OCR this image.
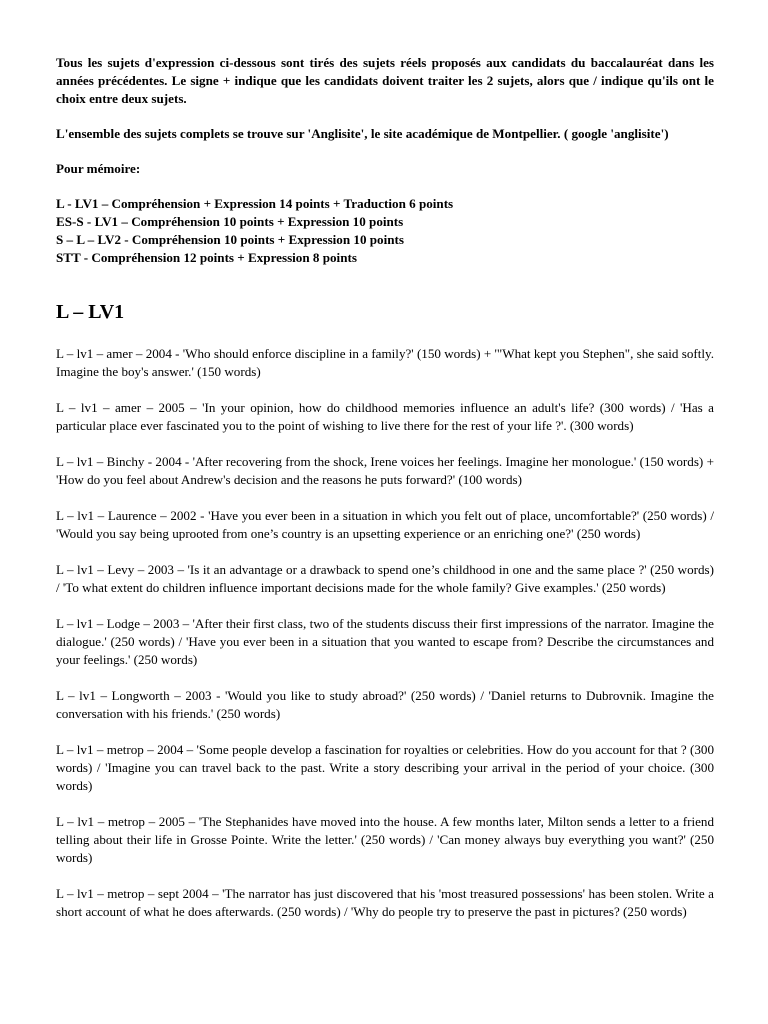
Tous les sujets d'expression ci-dessous sont tirés des sujets réels proposés aux candidats du baccalauréat dans les années précédentes. Le signe + indique que les candidats doivent traiter les 2 sujets, alors que / indique qu'ils ont le choix entre deux sujets.

L'ensemble des sujets complets se trouve sur 'Anglisite', le site académique de Montpellier. ( google 'anglisite')

Pour mémoire:

L - LV1 – Compréhension + Expression 14 points + Traduction 6 points

ES-S - LV1 – Compréhension 10 points + Expression 10 points

S – L – LV2 - Compréhension 10 points + Expression 10 points

STT - Compréhension 12 points + Expression 8 points

L – LV1

L – lv1 – amer – 2004 - 'Who should enforce discipline in a family?' (150 words) + '"What kept you Stephen", she said softly. Imagine the boy's answer.' (150 words)

L – lv1 – amer – 2005 – 'In your opinion, how do childhood memories influence an adult's life? (300 words) / 'Has a particular place ever fascinated you to the point of wishing to live there for the rest of your life ?'. (300 words)

L – lv1 – Binchy - 2004 - 'After recovering from the shock, Irene voices her feelings. Imagine her monologue.' (150 words) + 'How do you feel about Andrew's decision and the reasons he puts forward?' (100 words)

L – lv1 – Laurence – 2002 - 'Have you ever been in a situation in which you felt out of place, uncomfortable?' (250 words) / 'Would you say being uprooted from one’s country is an upsetting experience or an enriching one?' (250 words)

L – lv1 – Levy – 2003 – 'Is it an advantage or a drawback to spend one’s childhood in one and the same place ?' (250 words) / 'To what extent do children influence important decisions made for the whole family? Give examples.' (250 words)

L – lv1 – Lodge – 2003 – 'After their first class, two of the students discuss their first impressions of the narrator. Imagine the dialogue.' (250 words) / 'Have you ever been in a situation that you wanted to escape from? Describe the circumstances and your feelings.' (250 words)

L – lv1 – Longworth – 2003 - 'Would you like to study abroad?' (250 words) / 'Daniel returns to Dubrovnik. Imagine the conversation with his friends.' (250 words)

L – lv1 – metrop – 2004 – 'Some people develop a fascination for royalties or celebrities. How do you account for that ? (300 words) / 'Imagine you can travel back to the past. Write a story describing your arrival in the period of your choice. (300 words)

L – lv1 – metrop – 2005 – 'The Stephanides have moved into the house. A few months later, Milton sends a letter to a friend telling about their life in Grosse Pointe. Write the letter.' (250 words) / 'Can money always buy everything you want?' (250 words)

L – lv1 – metrop – sept 2004 – 'The narrator has just discovered that his 'most treasured possessions' has been stolen. Write a short account of what he does afterwards. (250 words) / 'Why do people try to preserve the past in pictures? (250 words)
